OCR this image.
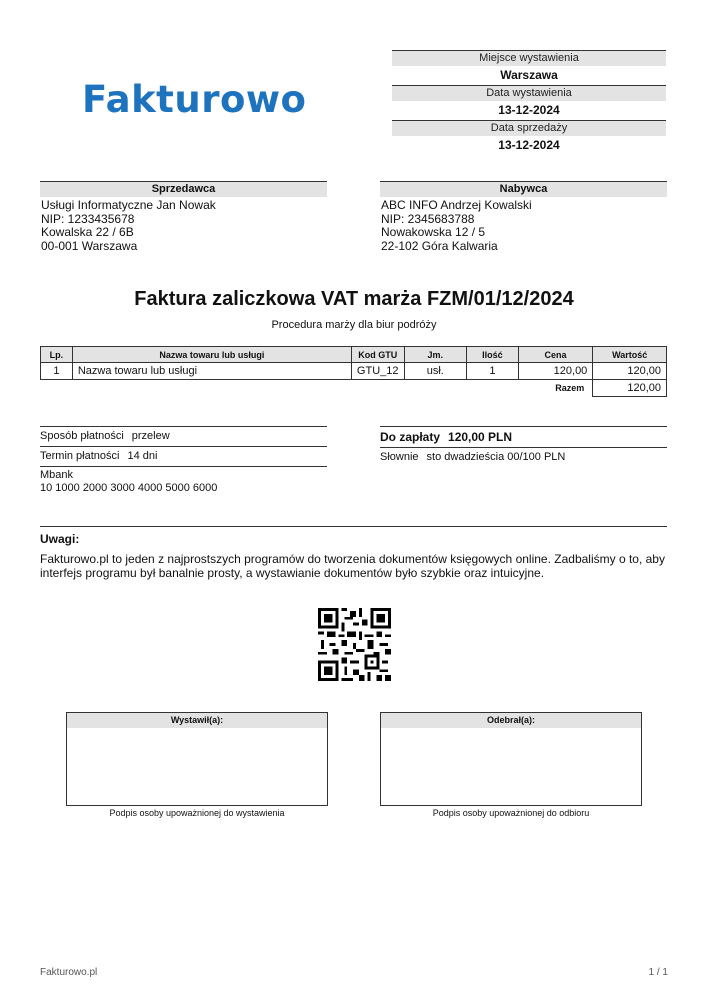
Fakturowo
Miejsce wystawienia
Warszawa
Data wystawienia
13-12-2024
Data sprzedaży
13-12-2024
Sprzedawca
Usługi Informatyczne Jan Nowak
NIP: 1233435678
Kowalska 22 / 6B
00-001 Warszawa
Nabywca
ABC INFO Andrzej Kowalski
NIP: 2345683788
Nowakowska 12 / 5
22-102 Góra Kalwaria
Faktura zaliczkowa VAT marża FZM/01/12/2024
Procedura marży dla biur podróży
Lp.	Nazwa towaru lub usługi	Kod GTU	Jm.	Ilość	Cena	Wartość
1	Nazwa towaru lub usługi	GTU_12	usł.	1	120,00	120,00
					Razem	120,00
Sposób płatności przelew
Termin płatności 14 dni
Mbank
10 1000 2000 3000 4000 5000 6000
Do zapłaty 120,00 PLN
Słownie sto dwadzieścia 00/100 PLN
Uwagi:
Fakturowo.pl to jeden z najprostszych programów do tworzenia dokumentów księgowych online. Zadbaliśmy o to, aby interfejs programu był banalnie prosty, a wystawianie dokumentów było szybkie oraz intuicyjne.
Wystawił(a):
Podpis osoby upoważnionej do wystawienia
Odebrał(a):
Podpis osoby upoważnionej do odbioru
Fakturowo.pl	1 / 1
